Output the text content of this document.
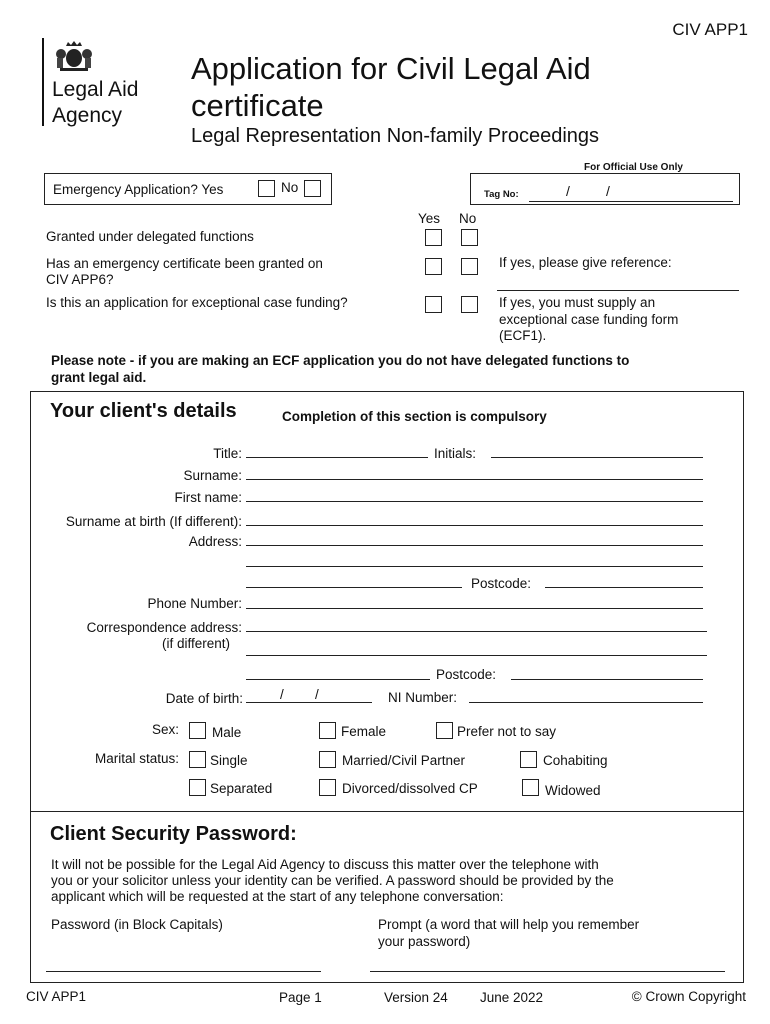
CIV APP1
Legal Aid
Agency
Application for Civil Legal Aid
certificate
Legal Representation Non-family Proceedings
For Official Use Only
Tag No:	/	/
Emergency Application? Yes	No
Yes No
Granted under delegated functions
Has an emergency certificate been granted on
CIV APP6?
If yes, please give reference:
Is this an application for exceptional case funding?	If yes, you must supply an
exceptional case funding form
(ECF1).
Please note - if you are making an ECF application you do not have delegated functions to
grant legal aid.
Your client's details	Completion of this section is compulsory
Title:	Initials:
Surname:
First name:
Surname at birth (If different):
Address:
Postcode:
Phone Number:
Correspondence address:
(if different)
Postcode:
Date of birth:	/ /	NI Number:
Sex: Male	Female	Prefer not to say
Marital status: Single	Married/Civil Partner	Cohabiting
Separated	Divorced/dissolved CP	Widowed
Client Security Password:
It will not be possible for the Legal Aid Agency to discuss this matter over the telephone with
you or your solicitor unless your identity can be verified. A password should be provided by the
applicant which will be requested at the start of any telephone conversation:
Password (in Block Capitals)	Prompt (a word that will help you remember
your password)
CIV APP1	Page 1	Version 24 June 2022	© Crown Copyright
